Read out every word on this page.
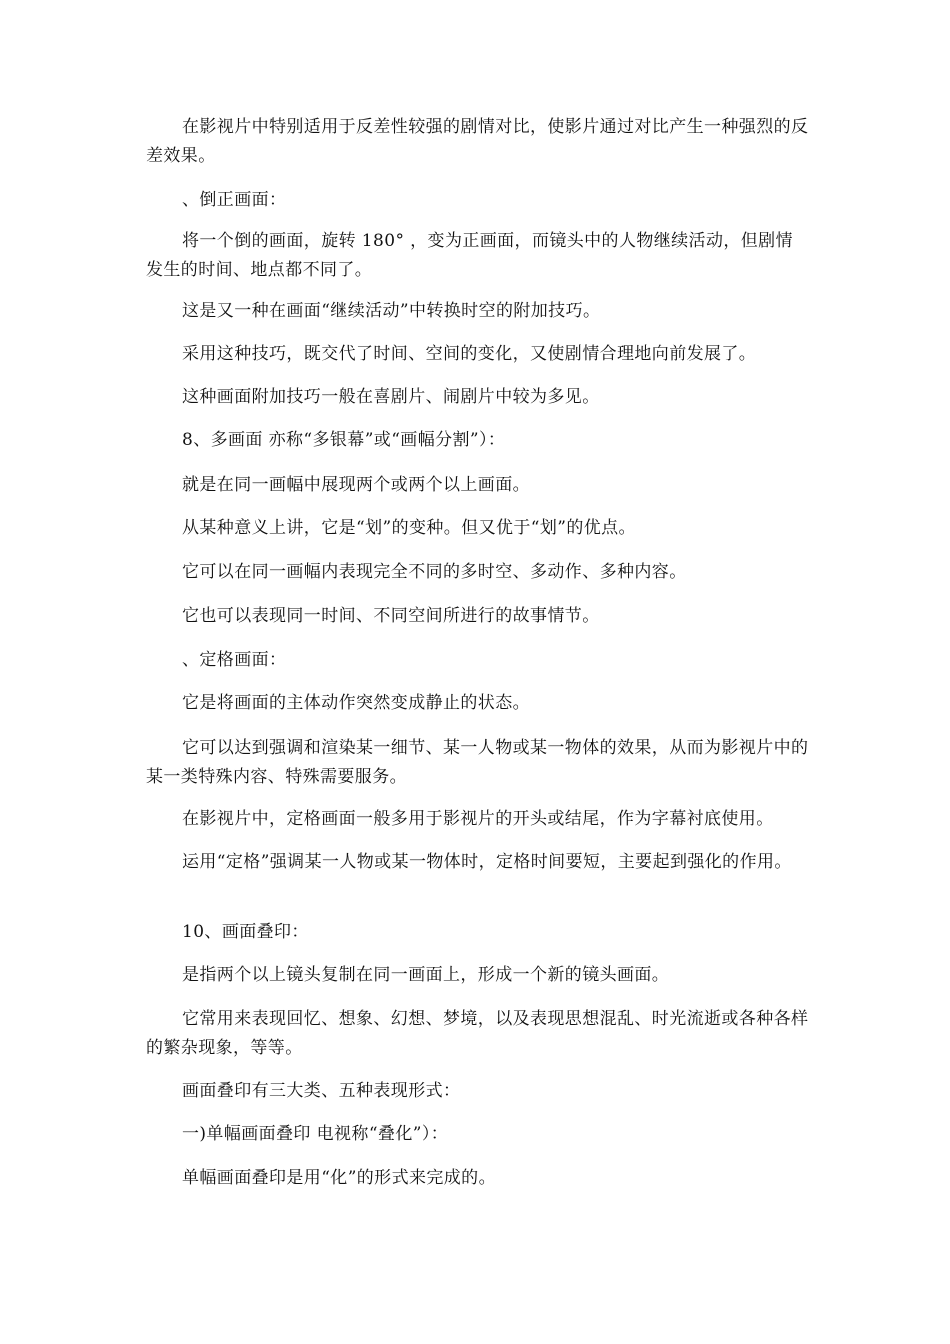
在影视片中特别适用于反差性较强的剧情对比，使影片通过对比产生一种强烈的反差效果。

、倒正画面：

将一个倒的画面，旋转 180° ，变为正画面，而镜头中的人物继续活动，但剧情发生的时间、地点都不同了。

这是又一种在画面“继续活动”中转换时空的附加技巧。

采用这种技巧，既交代了时间、空间的变化，又使剧情合理地向前发展了。

这种画面附加技巧一般在喜剧片、闹剧片中较为多见。

8、多画面 亦称“多银幕”或“画幅分割”）：

就是在同一画幅中展现两个或两个以上画面。

从某种意义上讲，它是“划”的变种。但又优于“划”的优点。

它可以在同一画幅内表现完全不同的多时空、多动作、多种内容。

它也可以表现同一时间、不同空间所进行的故事情节。

、定格画面：

它是将画面的主体动作突然变成静止的状态。

它可以达到强调和渲染某一细节、某一人物或某一物体的效果，从而为影视片中的某一类特殊内容、特殊需要服务。

在影视片中，定格画面一般多用于影视片的开头或结尾，作为字幕衬底使用。

运用“定格”强调某一人物或某一物体时，定格时间要短，主要起到强化的作用。

10、画面叠印：

是指两个以上镜头复制在同一画面上，形成一个新的镜头画面。

它常用来表现回忆、想象、幻想、梦境，以及表现思想混乱、时光流逝或各种各样的繁杂现象，等等。

画面叠印有三大类、五种表现形式：

一)单幅画面叠印 电视称“叠化”）：

单幅画面叠印是用“化”的形式来完成的。
